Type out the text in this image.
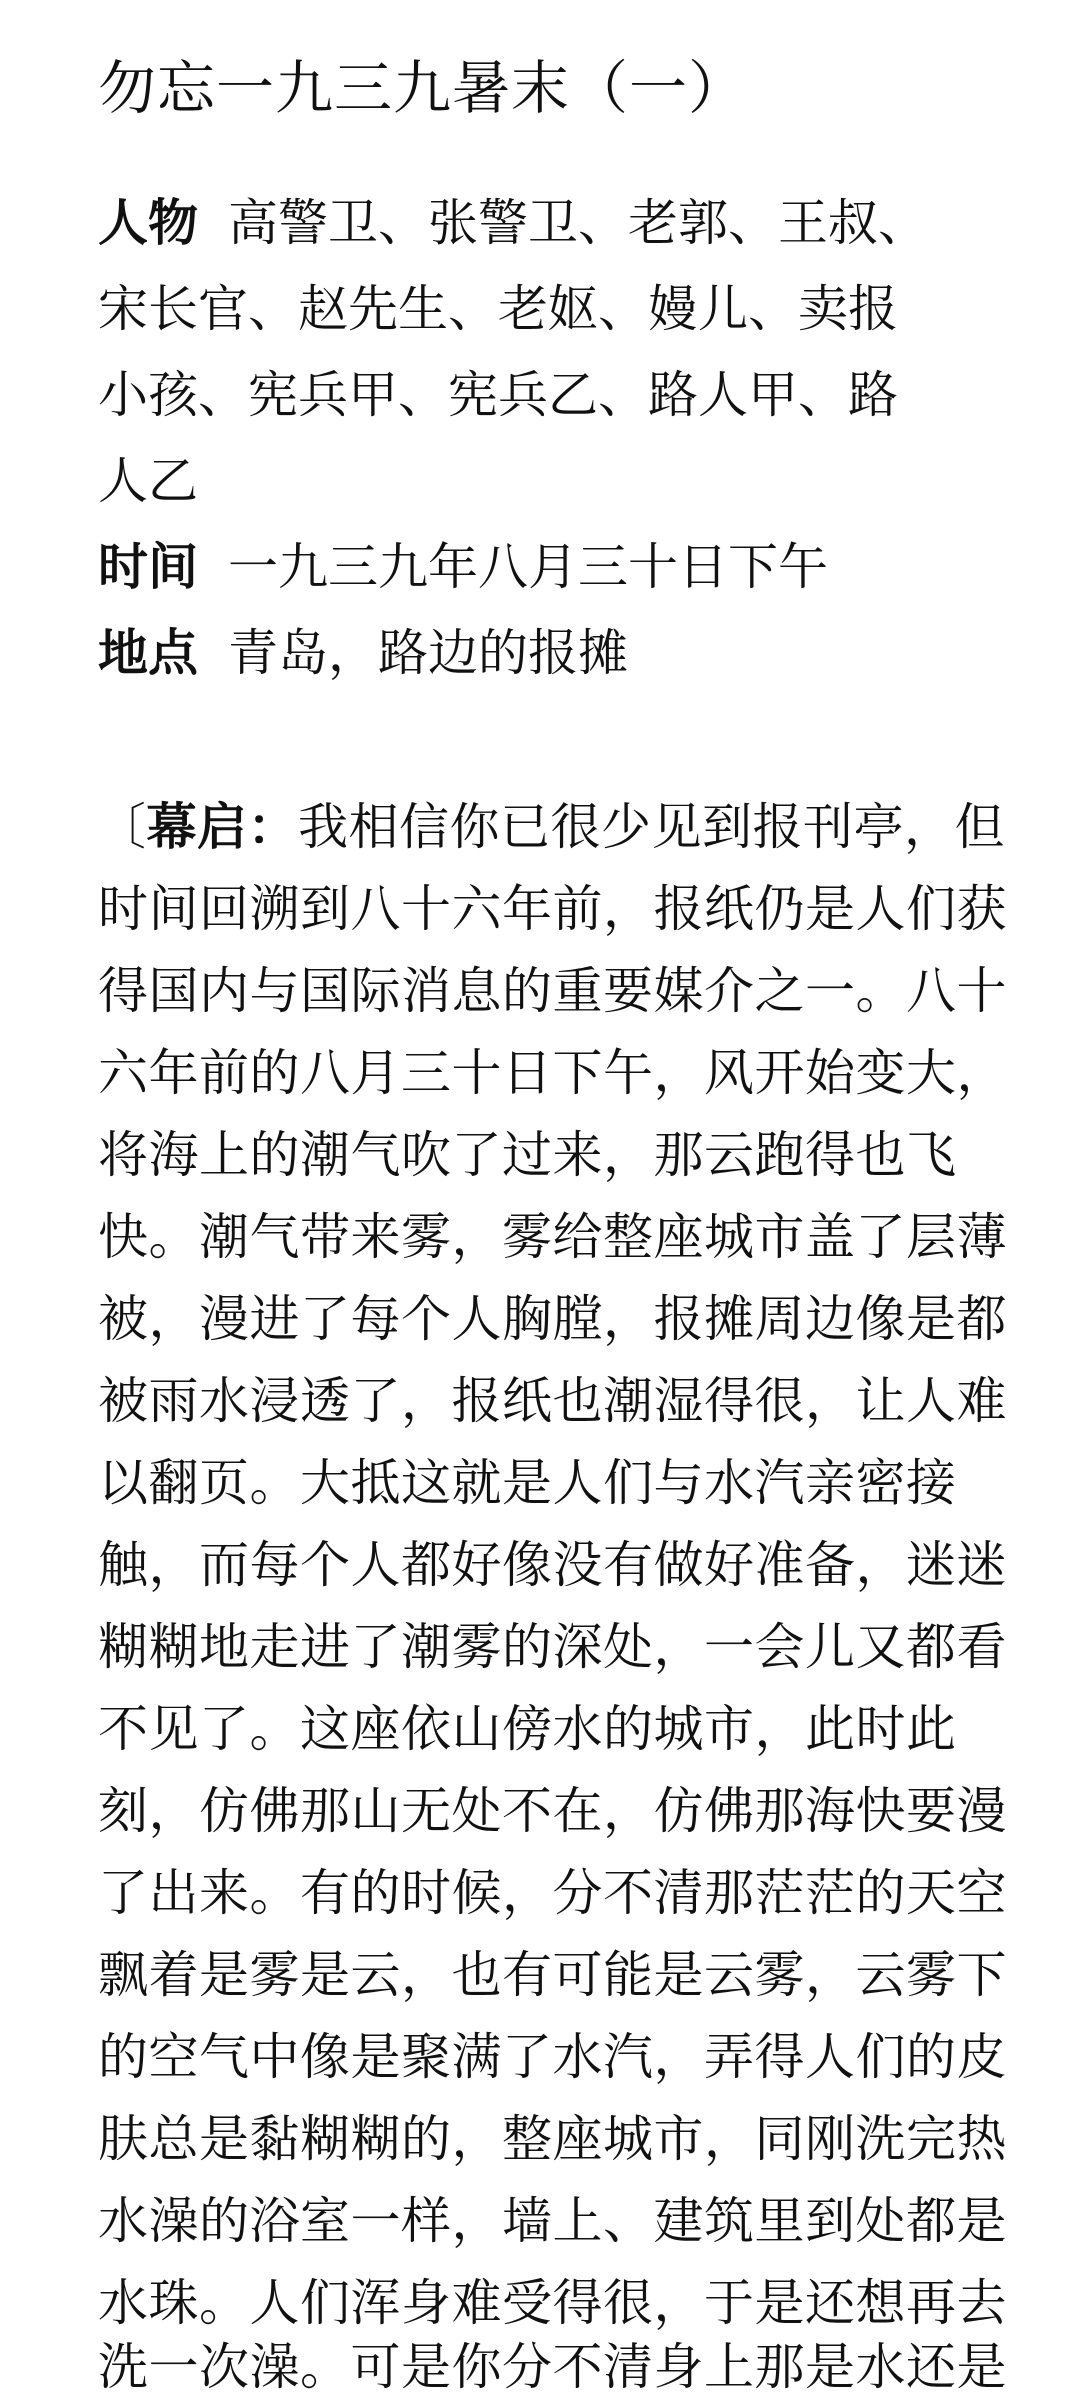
勿忘一九三九暑末（一）
人物 高警卫、张警卫、老郭、王叔、
宋长官、赵先生、老妪、嫚儿、卖报
小孩、宪兵甲、宪兵乙、路人甲、路
人乙
时间 一九三九年八月三十日下午
地点 青岛，路边的报摊
〔幕启：我相信你已很少见到报刊亭，但
时间回溯到八十六年前，报纸仍是人们获
得国内与国际消息的重要媒介之一。八十
六年前的八月三十日下午，风开始变大，
将海上的潮气吹了过来，那云跑得也飞
快。潮气带来雾，雾给整座城市盖了层薄
被，漫进了每个人胸膛，报摊周边像是都
被雨水浸透了，报纸也潮湿得很，让人难
以翻页。大抵这就是人们与水汽亲密接
触，而每个人都好像没有做好准备，迷迷
糊糊地走进了潮雾的深处，一会儿又都看
不见了。这座依山傍水的城市，此时此
刻，仿佛那山无处不在，仿佛那海快要漫
了出来。有的时候，分不清那茫茫的天空
飘着是雾是云，也有可能是云雾，云雾下
的空气中像是聚满了水汽，弄得人们的皮
肤总是黏糊糊的，整座城市，同刚洗完热
水澡的浴室一样，墙上、建筑里到处都是
水珠。人们浑身难受得很，于是还想再去
洗一次澡。可是你分不清身上那是水还是
